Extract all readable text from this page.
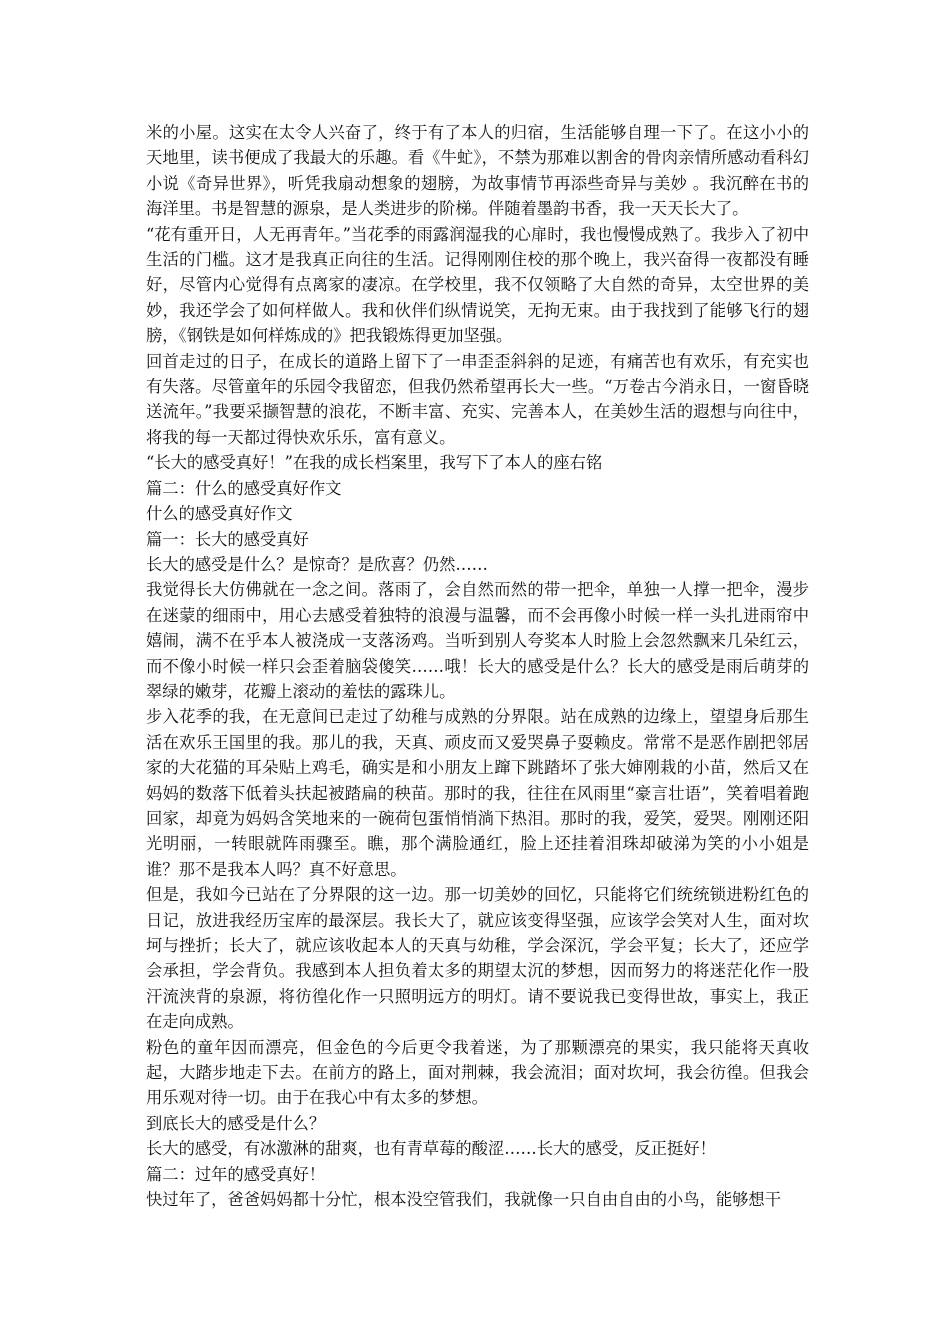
米的小屋。这实在太令人兴奋了，终于有了本人的归宿，生活能够自理一下了。在这小小的天地里，读书便成了我最大的乐趣。看《牛虻》，不禁为那难以割舍的骨肉亲情所感动看科幻小说《奇异世界》，听凭我扇动想象的翅膀，为故事情节再添些奇异与美妙 。我沉醉在书的海洋里。书是智慧的源泉，是人类进步的阶梯。伴随着墨韵书香，我一天天长大了。

“花有重开日，人无再青年。”当花季的雨露润湿我的心扉时，我也慢慢成熟了。我步入了初中生活的门槛。这才是我真正向往的生活。记得刚刚住校的那个晚上，我兴奋得一夜都没有睡好，尽管内心觉得有点离家的凄凉。在学校里，我不仅领略了大自然的奇异，太空世界的美妙，我还学会了如何样做人。我和伙伴们纵情说笑，无拘无束。由于我找到了能够飞行的翅膀，《钢铁是如何样炼成的》把我锻炼得更加坚强。

回首走过的日子，在成长的道路上留下了一串歪歪斜斜的足迹，有痛苦也有欢乐，有充实也有失落。尽管童年的乐园令我留恋，但我仍然希望再长大一些。“万卷古今消永日，一窗昏晓送流年。”我要采撷智慧的浪花，不断丰富、充实、完善本人，在美妙生活的遐想与向往中，将我的每一天都过得快欢乐乐，富有意义。

“长大的感受真好！”在我的成长档案里，我写下了本人的座右铭

篇二：什么的感受真好作文

什么的感受真好作文

篇一：长大的感受真好

长大的感受是什么？是惊奇？是欣喜？仍然……

我觉得长大仿佛就在一念之间。落雨了，会自然而然的带一把伞，单独一人撑一把伞，漫步在迷蒙的细雨中，用心去感受着独特的浪漫与温馨，而不会再像小时候一样一头扎进雨帘中嬉闹，满不在乎本人被浇成一支落汤鸡。当听到别人夸奖本人时脸上会忽然飘来几朵红云，而不像小时候一样只会歪着脑袋傻笑……哦！长大的感受是什么？长大的感受是雨后萌芽的翠绿的嫩芽，花瓣上滚动的羞怯的露珠儿。

步入花季的我，在无意间已走过了幼稚与成熟的分界限。站在成熟的边缘上，望望身后那生活在欢乐王国里的我。那儿的我，天真、顽皮而又爱哭鼻子耍赖皮。常常不是恶作剧把邻居家的大花猫的耳朵贴上鸡毛，确实是和小朋友上蹿下跳踏坏了张大婶刚栽的小苗，然后又在妈妈的数落下低着头扶起被踏扁的秧苗。那时的我，往往在风雨里“豪言壮语”，笑着唱着跑回家，却竟为妈妈含笑地来的一碗荷包蛋悄悄淌下热泪。那时的我，爱笑，爱哭。刚刚还阳光明丽，一转眼就阵雨骤至。瞧，那个满脸通红，脸上还挂着泪珠却破涕为笑的小小姐是谁？那不是我本人吗？真不好意思。

但是，我如今已站在了分界限的这一边。那一切美妙的回忆，只能将它们统统锁进粉红色的日记，放进我经历宝库的最深层。我长大了，就应该变得坚强，应该学会笑对人生，面对坎坷与挫折；长大了，就应该收起本人的天真与幼稚，学会深沉，学会平复；长大了，还应学会承担，学会背负。我感到本人担负着太多的期望太沉的梦想，因而努力的将迷茫化作一股汗流浃背的泉源，将彷徨化作一只照明远方的明灯。请不要说我已变得世故，事实上，我正在走向成熟。

粉色的童年因而漂亮，但金色的今后更令我着迷，为了那颗漂亮的果实，我只能将天真收起，大踏步地走下去。在前方的路上，面对荆棘，我会流泪；面对坎坷，我会彷徨。但我会用乐观对待一切。由于在我心中有太多的梦想。

到底长大的感受是什么？

长大的感受，有冰激淋的甜爽，也有青草莓的酸涩……长大的感受，反正挺好！

篇二：过年的感受真好！

快过年了，爸爸妈妈都十分忙，根本没空管我们，我就像一只自由自由的小鸟，能够想干
